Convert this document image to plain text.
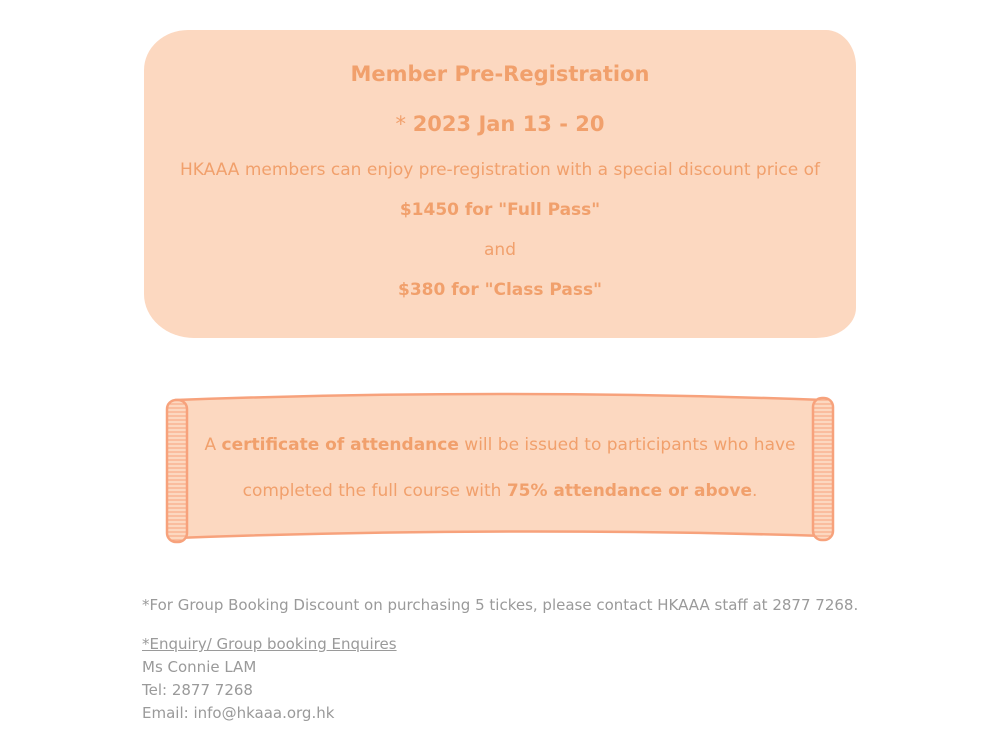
Member Pre-Registration
* 2023 Jan 13 - 20
HKAAA members can enjoy pre-registration with a special discount price of
$1450 for "Full Pass"
and
$380 for "Class Pass"
A certificate of attendance will be issued to participants who have completed the full course with 75% attendance or above.
*For Group Booking Discount on purchasing 5 tickes, please contact HKAAA staff at 2877 7268.
*Enquiry/ Group booking Enquires
Ms Connie LAM
Tel: 2877 7268
Email: info@hkaaa.org.hk
